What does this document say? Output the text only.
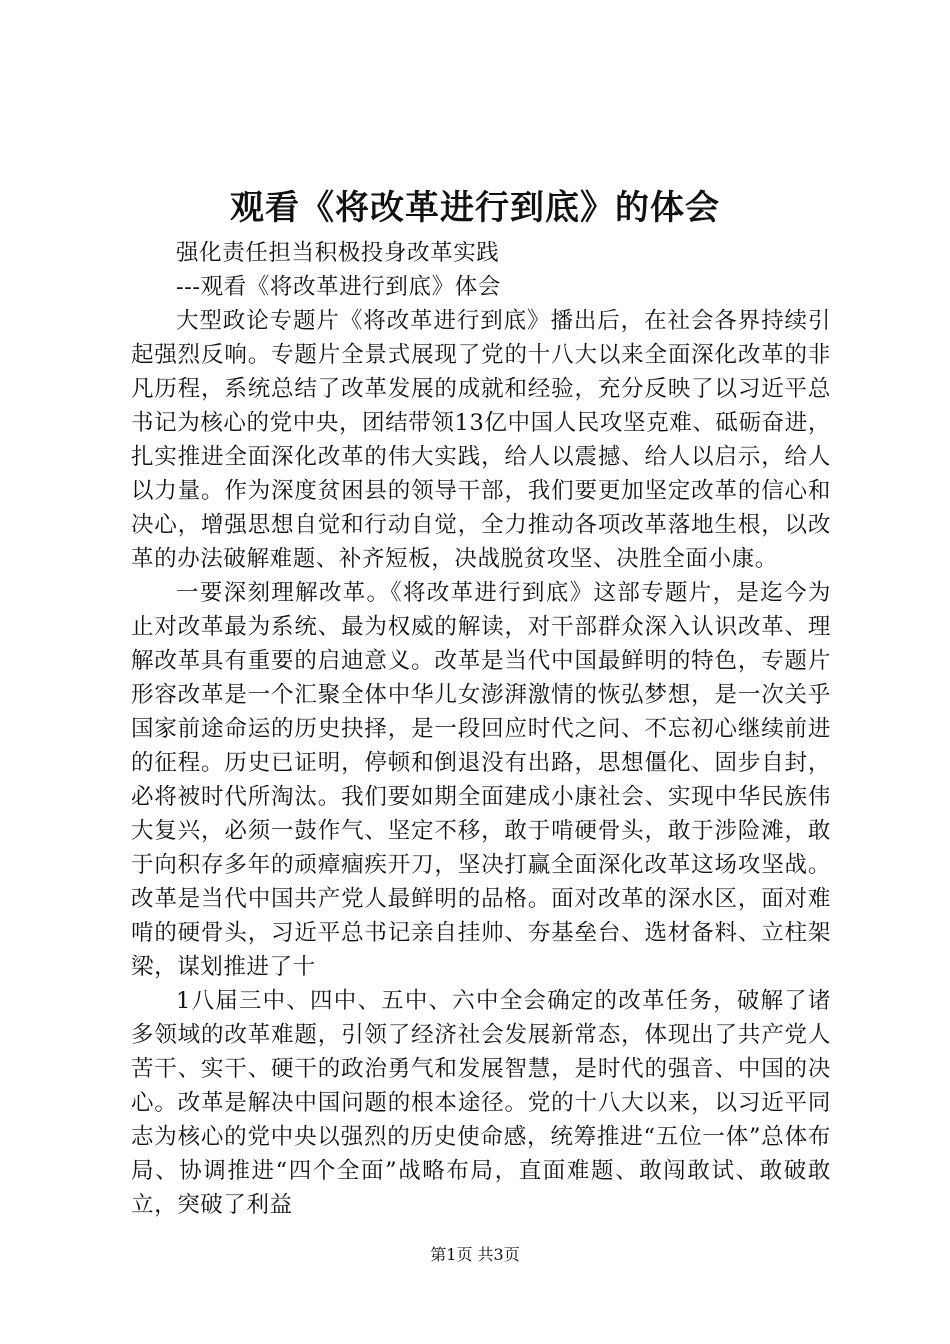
观看《将改革进行到底》的体会

强化责任担当积极投身改革实践

---观看《将改革进行到底》体会

大型政论专题片《将改革进行到底》播出后，在社会各界持续引起强烈反响。专题片全景式展现了党的十八大以来全面深化改革的非凡历程，系统总结了改革发展的成就和经验，充分反映了以习近平总书记为核心的党中央，团结带领13亿中国人民攻坚克难、砥砺奋进，扎实推进全面深化改革的伟大实践，给人以震撼、给人以启示，给人以力量。作为深度贫困县的领导干部，我们要更加坚定改革的信心和决心，增强思想自觉和行动自觉，全力推动各项改革落地生根，以改革的办法破解难题、补齐短板，决战脱贫攻坚、决胜全面小康。

一要深刻理解改革。《将改革进行到底》这部专题片，是迄今为止对改革最为系统、最为权威的解读，对干部群众深入认识改革、理解改革具有重要的启迪意义。改革是当代中国最鲜明的特色，专题片形容改革是一个汇聚全体中华儿女澎湃激情的恢弘梦想，是一次关乎国家前途命运的历史抉择，是一段回应时代之问、不忘初心继续前进的征程。历史已证明，停顿和倒退没有出路，思想僵化、固步自封，必将被时代所淘汰。我们要如期全面建成小康社会、实现中华民族伟大复兴，必须一鼓作气、坚定不移，敢于啃硬骨头，敢于涉险滩，敢于向积存多年的顽瘴痼疾开刀，坚决打赢全面深化改革这场攻坚战。改革是当代中国共产党人最鲜明的品格。面对改革的深水区，面对难啃的硬骨头，习近平总书记亲自挂帅、夯基垒台、选材备料、立柱架梁，谋划推进了十

1八届三中、四中、五中、六中全会确定的改革任务，破解了诸多领域的改革难题，引领了经济社会发展新常态，体现出了共产党人苦干、实干、硬干的政治勇气和发展智慧，是时代的强音、中国的决心。改革是解决中国问题的根本途径。党的十八大以来，以习近平同志为核心的党中央以强烈的历史使命感，统筹推进“五位一体”总体布局、协调推进“四个全面”战略布局，直面难题、敢闯敢试、敢破敢立，突破了利益

第1页 共3页
